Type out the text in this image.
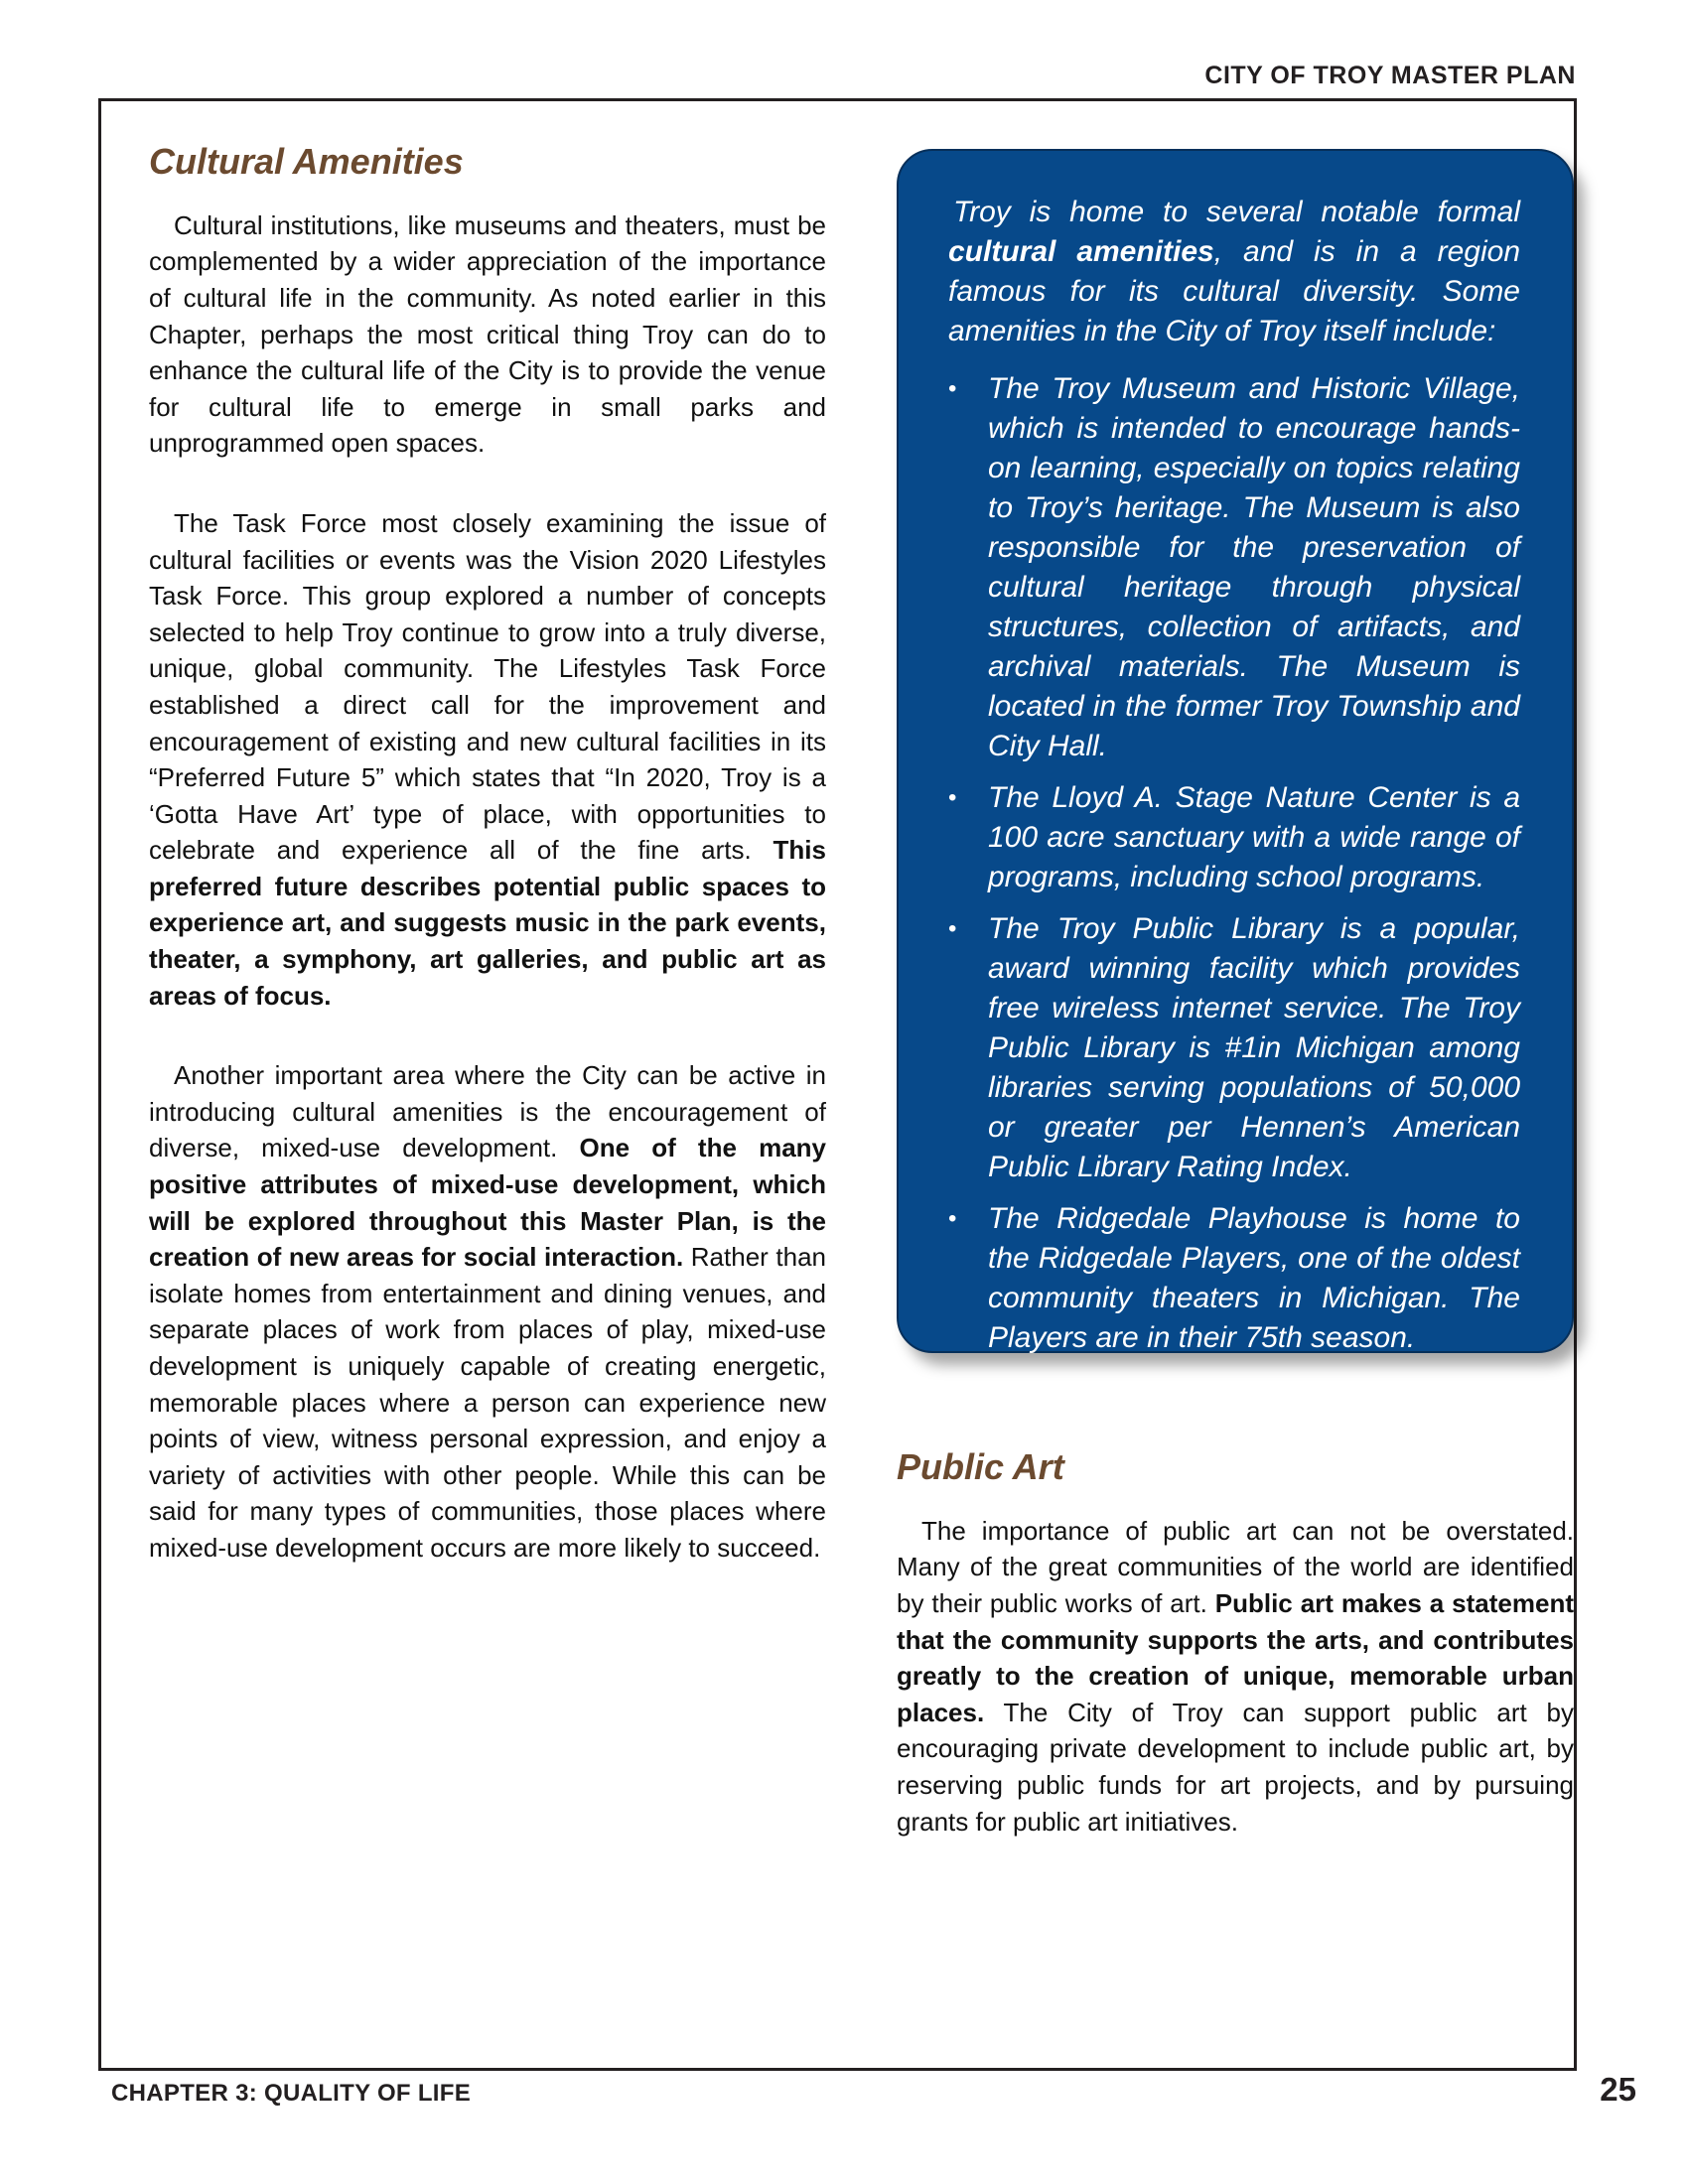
CITY OF TROY MASTER PLAN
Cultural Amenities

Cultural institutions, like museums and theaters, must be complemented by a wider appreciation of the importance of cultural life in the community. As noted earlier in this Chapter, perhaps the most critical thing Troy can do to enhance the cultural life of the City is to provide the venue for cultural life to emerge in small parks and unprogrammed open spaces.

The Task Force most closely examining the issue of cultural facilities or events was the Vision 2020 Lifestyles Task Force. This group explored a number of concepts selected to help Troy continue to grow into a truly diverse, unique, global community. The Lifestyles Task Force established a direct call for the improvement and encouragement of existing and new cultural facilities in its “Preferred Future 5” which states that “In 2020, Troy is a ‘Gotta Have Art’ type of place, with opportunities to celebrate and experience all of the fine arts. This preferred future describes potential public spaces to experience art, and suggests music in the park events, theater, a symphony, art galleries, and public art as areas of focus.

Another important area where the City can be active in introducing cultural amenities is the encouragement of diverse, mixed-use development. One of the many positive attributes of mixed-use development, which will be explored throughout this Master Plan, is the creation of new areas for social interaction. Rather than isolate homes from entertainment and dining venues, and separate places of work from places of play, mixed-use development is uniquely capable of creating energetic, memorable places where a person can experience new points of view, witness personal expression, and enjoy a variety of activities with other people. While this can be said for many types of communities, those places where mixed-use development occurs are more likely to succeed.

Troy is home to several notable formal cultural amenities, and is in a region famous for its cultural diversity. Some amenities in the City of Troy itself include:

• The Troy Museum and Historic Village, which is intended to encourage hands-on learning, especially on topics relating to Troy’s heritage. The Museum is also responsible for the preservation of cultural heritage through physical structures, collection of artifacts, and archival materials. The Museum is located in the former Troy Township and City Hall.
• The Lloyd A. Stage Nature Center is a 100 acre sanctuary with a wide range of programs, including school programs.
• The Troy Public Library is a popular, award winning facility which provides free wireless internet service. The Troy Public Library is #1in Michigan among libraries serving populations of 50,000 or greater per Hennen’s American Public Library Rating Index.
• The Ridgedale Playhouse is home to the Ridgedale Players, one of the oldest community theaters in Michigan. The Players are in their 75th season.
Public Art

The importance of public art can not be overstated. Many of the great communities of the world are identified by their public works of art. Public art makes a statement that the community supports the arts, and contributes greatly to the creation of unique, memorable urban places. The City of Troy can support public art by encouraging private development to include public art, by reserving public funds for art projects, and by pursuing grants for public art initiatives.

CHAPTER 3: QUALITY OF LIFE	25
